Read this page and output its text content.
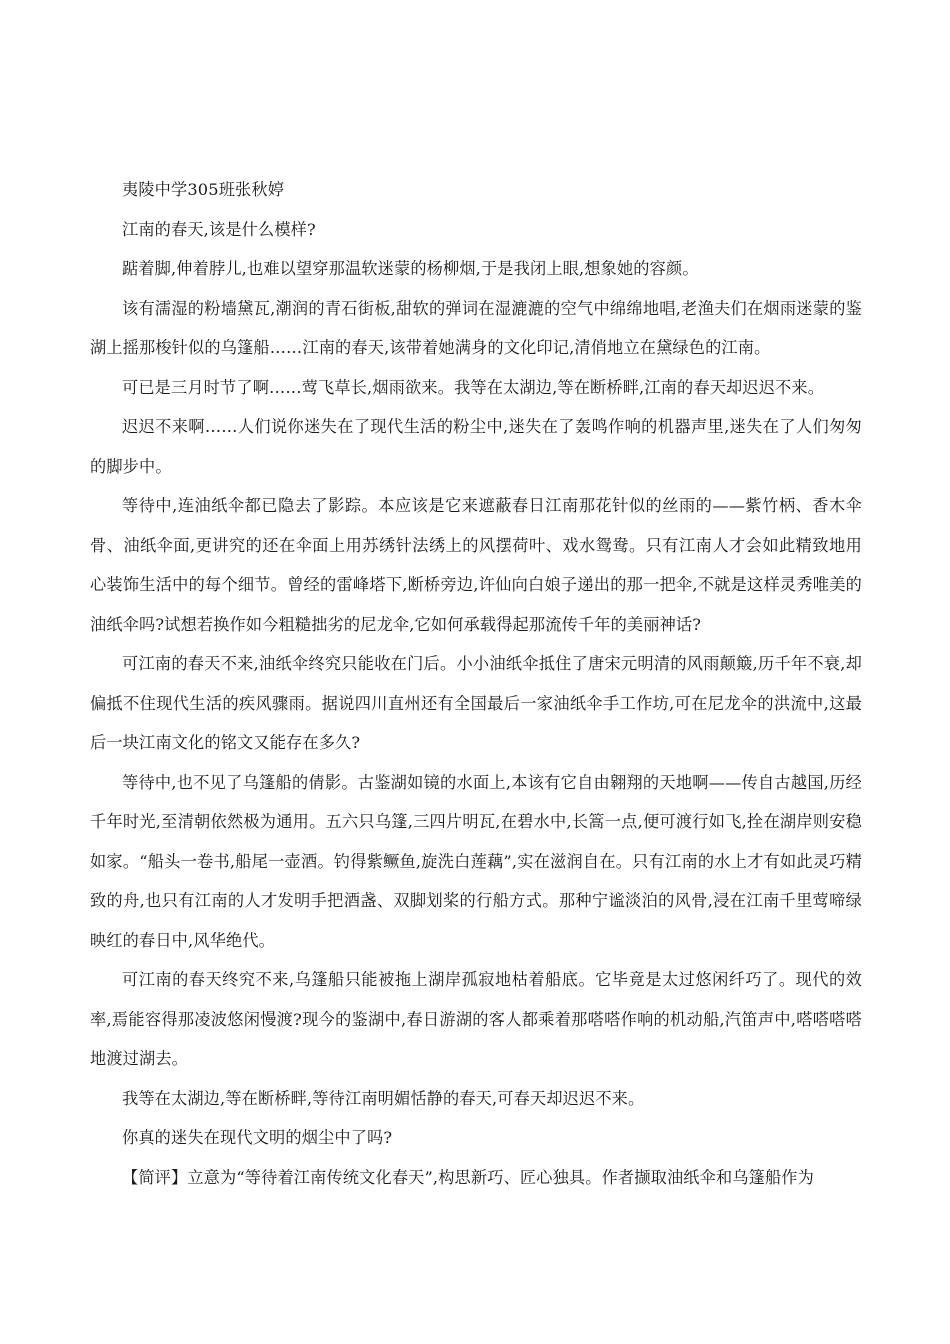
夷陵中学305班张秋婷

江南的春天,该是什么模样?

踮着脚,伸着脖儿,也难以望穿那温软迷蒙的杨柳烟,于是我闭上眼,想象她的容颜。

该有濡湿的粉墙黛瓦,潮润的青石街板,甜软的弹词在湿漉漉的空气中绵绵地唱,老渔夫们在烟雨迷蒙的鉴湖上摇那梭针似的乌篷船……江南的春天,该带着她满身的文化印记,清俏地立在黛绿色的江南。

可已是三月时节了啊……莺飞草长,烟雨欲来。我等在太湖边,等在断桥畔,江南的春天却迟迟不来。

迟迟不来啊……人们说你迷失在了现代生活的粉尘中,迷失在了轰鸣作响的机器声里,迷失在了人们匆匆的脚步中。

等待中,连油纸伞都已隐去了影踪。本应该是它来遮蔽春日江南那花针似的丝雨的——紫竹柄、香木伞骨、油纸伞面,更讲究的还在伞面上用苏绣针法绣上的风摆荷叶、戏水鸳鸯。只有江南人才会如此精致地用心装饰生活中的每个细节。曾经的雷峰塔下,断桥旁边,许仙向白娘子递出的那一把伞,不就是这样灵秀唯美的油纸伞吗?试想若换作如今粗糙拙劣的尼龙伞,它如何承载得起那流传千年的美丽神话?

可江南的春天不来,油纸伞终究只能收在门后。小小油纸伞抵住了唐宋元明清的风雨颠簸,历千年不衰,却偏抵不住现代生活的疾风骤雨。据说四川直州还有全国最后一家油纸伞手工作坊,可在尼龙伞的洪流中,这最后一块江南文化的铭文又能存在多久?

等待中,也不见了乌篷船的倩影。古鉴湖如镜的水面上,本该有它自由翱翔的天地啊——传自古越国,历经千年时光,至清朝依然极为通用。五六只乌篷,三四片明瓦,在碧水中,长篙一点,便可渡行如飞,拴在湖岸则安稳如家。“船头一卷书,船尾一壶酒。钓得紫鳜鱼,旋洗白莲藕”,实在滋润自在。只有江南的水上才有如此灵巧精致的舟,也只有江南的人才发明手把酒盏、双脚划桨的行船方式。那种宁谧淡泊的风骨,浸在江南千里莺啼绿映红的春日中,风华绝代。

可江南的春天终究不来,乌篷船只能被拖上湖岸孤寂地枯着船底。它毕竟是太过悠闲纤巧了。现代的效率,焉能容得那凌波悠闲慢渡?现今的鉴湖中,春日游湖的客人都乘着那嗒嗒作响的机动船,汽笛声中,嗒嗒嗒嗒地渡过湖去。

我等在太湖边,等在断桥畔,等待江南明媚恬静的春天,可春天却迟迟不来。

你真的迷失在现代文明的烟尘中了吗?

【简评】立意为“等待着江南传统文化春天”,构思新巧、匠心独具。作者撷取油纸伞和乌篷船作为
